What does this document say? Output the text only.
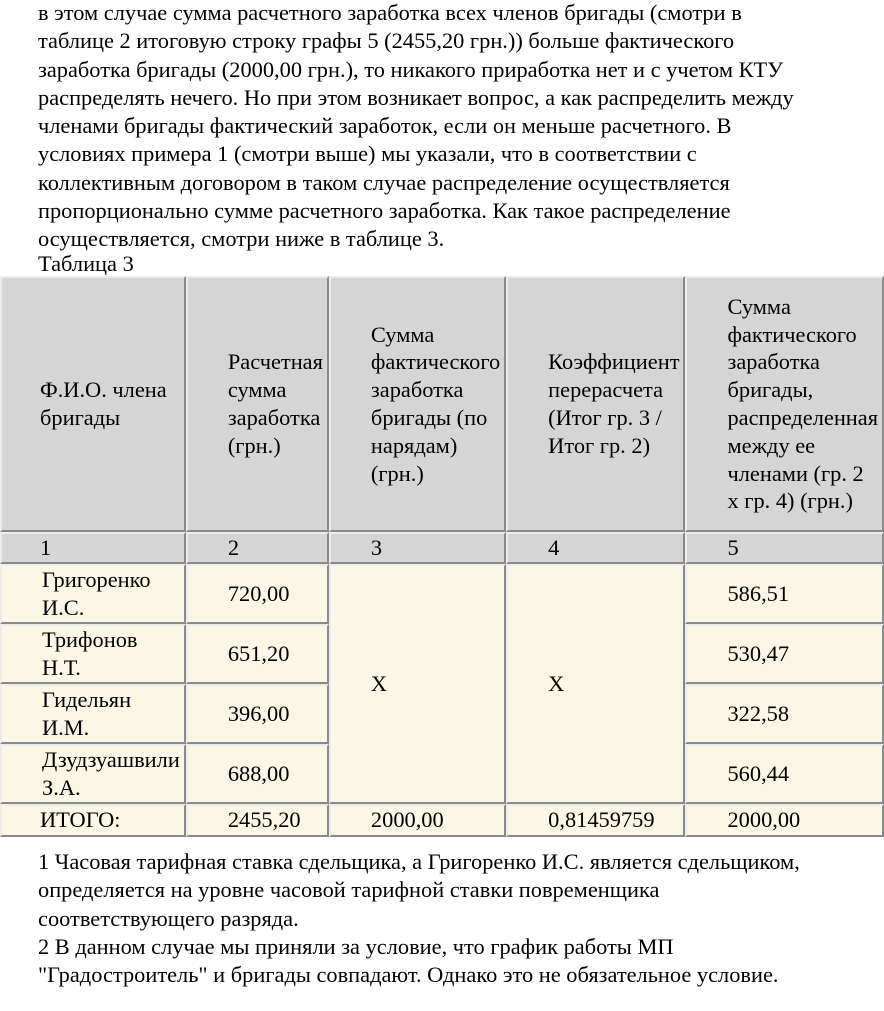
в этом случае сумма расчетного заработка всех членов бригады (смотри в таблице 2 итоговую строку графы 5 (2455,20 грн.)) больше фактического заработка бригады (2000,00 грн.), то никакого приработка нет и с учетом КТУ распределять нечего. Но при этом возникает вопрос, а как распределить между членами бригады фактический заработок, если он меньше расчетного. В условиях примера 1 (смотри выше) мы указали, что в соответствии с коллективным договором в таком случае распределение осуществляется пропорционально сумме расчетного заработка. Как такое распределение осуществляется, смотри ниже в таблице 3.

Таблица 3

Ф.И.О. члена бригады	Расчетная сумма заработка (грн.)	Сумма фактического заработка бригады (по нарядам) (грн.)	Коэффициент перерасчета (Итог гр. 3 / Итог гр. 2)	Сумма фактического заработка бригады, распределенная между ее членами (гр. 2 х гр. 4) (грн.)
1	2	3	4	5
Григоренко И.С.	720,00	Х	Х	586,51
Трифонов Н.Т.	651,20			530,47
Гидельян И.М.	396,00			322,58
Дзудзуашвили З.А.	688,00			560,44
ИТОГО:	2455,20	2000,00	0,81459759	2000,00
1 Часовая тарифная ставка сдельщика, а Григоренко И.С. является сдельщиком, определяется на уровне часовой тарифной ставки повременщика соответствующего разряда.
2 В данном случае мы приняли за условие, что график работы МП "Градостроитель" и бригады совпадают. Однако это не обязательное условие.
